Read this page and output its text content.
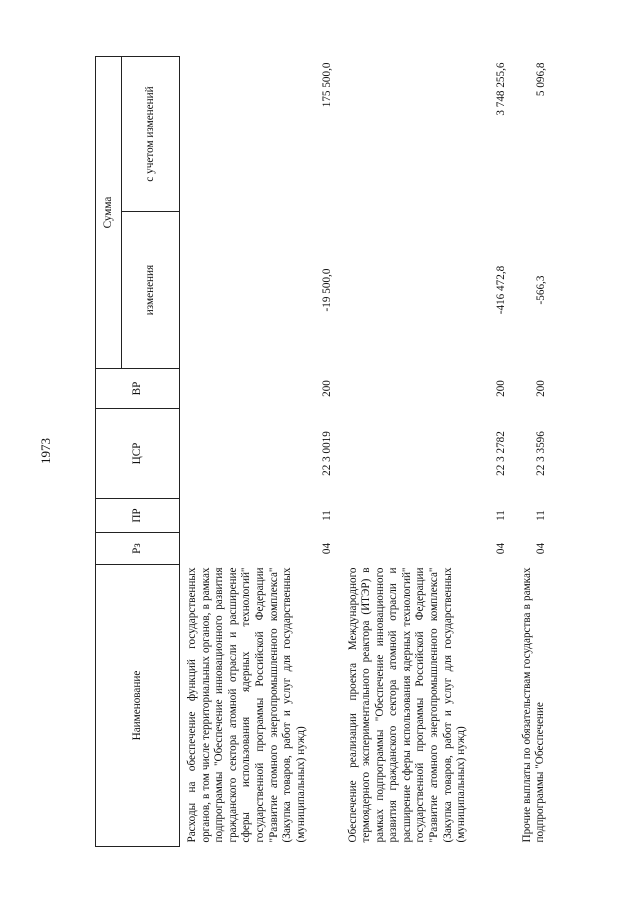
1973
Наименование	Рз	ПР	ЦСР	ВР	Сумма	
					изменения	с учетом изменений
Расходы на обеспечение функций государственных органов, в том числе территориальных органов, в рамках подпрограммы "Обеспечение инновационного развития гражданского сектора атомной отрасли и расширение сферы использования ядерных технологий" государственной программы Российской Федерации "Развитие атомного энергопромышленного комплекса" (Закупка товаров, работ и услуг для государственных (муниципальных) нужд)	04	11	22 3 0019	200	-19 500,0	175 500,0
Обеспечение реализации проекта Международного термоядерного экспериментального реактора (ИТЭР) в рамках подпрограммы "Обеспечение инновационного развития гражданского сектора атомной отрасли и расширение сферы использования ядерных технологий" государственной программы Российской Федерации "Развитие атомного энергопромышленного комплекса" (Закупка товаров, работ и услуг для государственных (муниципальных) нужд)	04	11	22 3 2782	200	-416 472,8	3 748 255,6
Прочие выплаты по обязательствам государства в рамках подпрограммы "Обеспечение	04	11	22 3 3596	200	-566,3	5 096,8
